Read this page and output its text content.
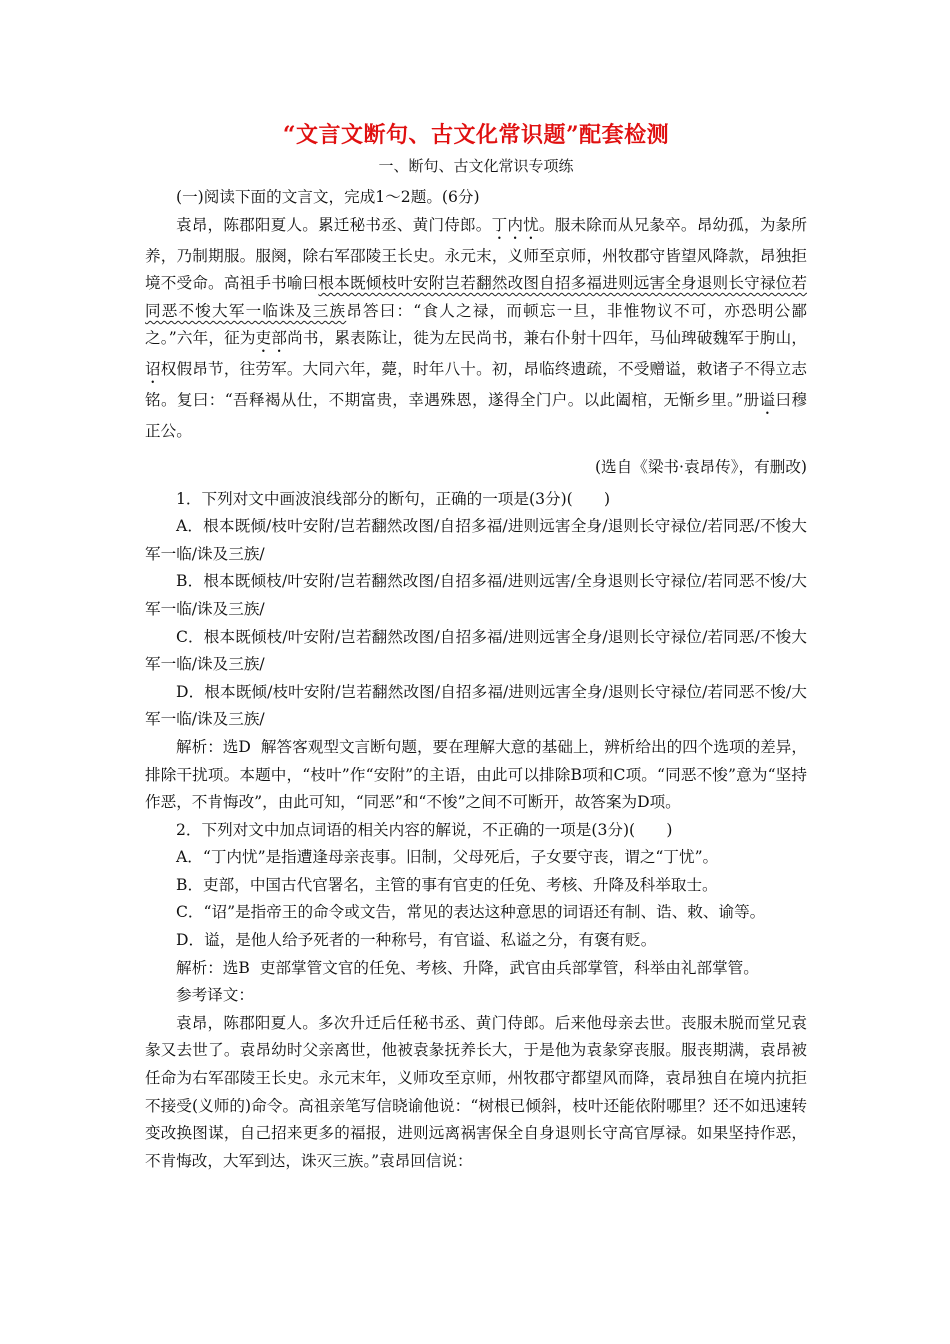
“文言文断句、古文化常识题”配套检测
一、断句、古文化常识专项练

(一)阅读下面的文言文，完成1～2题。(6分)

袁昂，陈郡阳夏人。累迁秘书丞、黄门侍郎。丁内忧。服未除而从兄彖卒。昂幼孤，为彖所养，乃制期服。服阕，除右军邵陵王长史。永元末，义师至京师，州牧郡守皆望风降款，昂独拒境不受命。高祖手书喻曰根本既倾枝叶安附岂若翻然改图自招多福进则远害全身退则长守禄位若同恶不悛大军一临诛及三族昂答曰：“食人之禄，而顿忘一旦，非惟物议不可，亦恐明公鄙之。”六年，征为吏部尚书，累表陈让，徙为左民尚书，兼右仆射十四年，马仙琕破魏军于朐山，诏权假昂节，往劳军。大同六年，薨，时年八十。初，昂临终遗疏，不受赠谥，敕诸子不得立志铭。复曰：“吾释褐从仕，不期富贵，幸遇殊恩，遂得全门户。以此阖棺，无惭乡里。”册谥曰穆正公。

(选自《梁书·袁昂传》，有删改)

1．下列对文中画波浪线部分的断句，正确的一项是(3分)(　　)

A．根本既倾/枝叶安附/岂若翻然改图/自招多福/进则远害全身/退则长守禄位/若同恶/不悛大军一临/诛及三族/

B．根本既倾枝/叶安附/岂若翻然改图/自招多福/进则远害/全身退则长守禄位/若同恶不悛/大军一临/诛及三族/

C．根本既倾枝/叶安附/岂若翻然改图/自招多福/进则远害全身/退则长守禄位/若同恶/不悛大军一临/诛及三族/

D．根本既倾/枝叶安附/岂若翻然改图/自招多福/进则远害全身/退则长守禄位/若同恶不悛/大军一临/诛及三族/

解析：选D 解答客观型文言断句题，要在理解大意的基础上，辨析给出的四个选项的差异，排除干扰项。本题中，“枝叶”作“安附”的主语，由此可以排除B项和C项。“同恶不悛”意为“坚持作恶，不肯悔改”，由此可知，“同恶”和“不悛”之间不可断开，故答案为D项。

2．下列对文中加点词语的相关内容的解说，不正确的一项是(3分)(　　)

A．“丁内忧”是指遭逢母亲丧事。旧制，父母死后，子女要守丧，谓之“丁忧”。

B．吏部，中国古代官署名，主管的事有官吏的任免、考核、升降及科举取士。

C．“诏”是指帝王的命令或文告，常见的表达这种意思的词语还有制、诰、敕、谕等。

D．谥，是他人给予死者的一种称号，有官谥、私谥之分，有褒有贬。

解析：选B 吏部掌管文官的任免、考核、升降，武官由兵部掌管，科举由礼部掌管。

参考译文：

袁昂，陈郡阳夏人。多次升迁后任秘书丞、黄门侍郎。后来他母亲去世。丧服未脱而堂兄袁彖又去世了。袁昂幼时父亲离世，他被袁彖抚养长大，于是他为袁彖穿丧服。服丧期满，袁昂被任命为右军邵陵王长史。永元末年，义师攻至京师，州牧郡守都望风而降，袁昂独自在境内抗拒不接受(义师的)命令。高祖亲笔写信晓谕他说：“树根已倾斜，枝叶还能依附哪里？还不如迅速转变改换图谋，自己招来更多的福报，进则远离祸害保全自身退则长守高官厚禄。如果坚持作恶，不肯悔改，大军到达，诛灭三族。”袁昂回信说：
